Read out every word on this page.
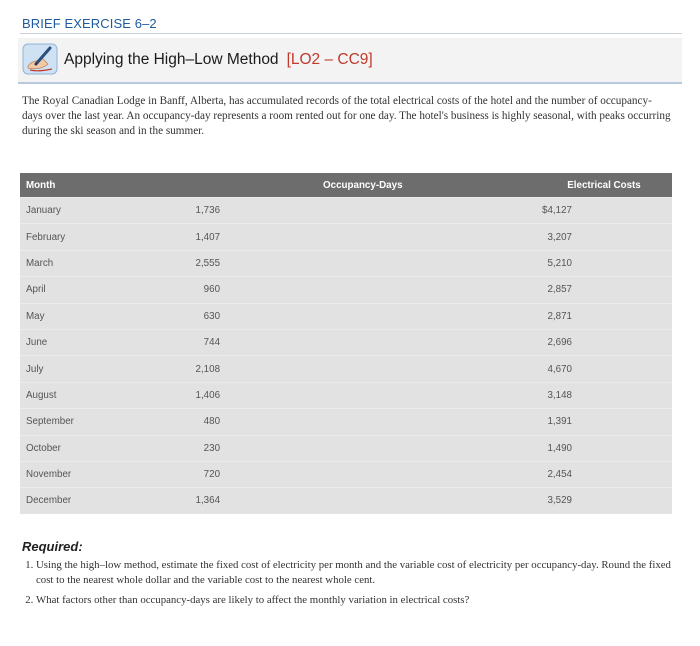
BRIEF EXERCISE 6–2
Applying the High–Low Method [LO2 – CC9]
The Royal Canadian Lodge in Banff, Alberta, has accumulated records of the total electrical costs of the hotel and the number of occupancy-days over the last year. An occupancy-day represents a room rented out for one day. The hotel's business is highly seasonal, with peaks occurring during the ski season and in the summer.
Month	Occupancy-Days	Electrical Costs
January	1,736	$4,127
February	1,407	3,207
March	2,555	5,210
April	960	2,857
May	630	2,871
June	744	2,696
July	2,108	4,670
August	1,406	3,148
September	480	1,391
October	230	1,490
November	720	2,454
December	1,364	3,529
Required:
1. Using the high–low method, estimate the fixed cost of electricity per month and the variable cost of electricity per occupancy-day. Round the fixed cost to the nearest whole dollar and the variable cost to the nearest whole cent.
2. What factors other than occupancy-days are likely to affect the monthly variation in electrical costs?
